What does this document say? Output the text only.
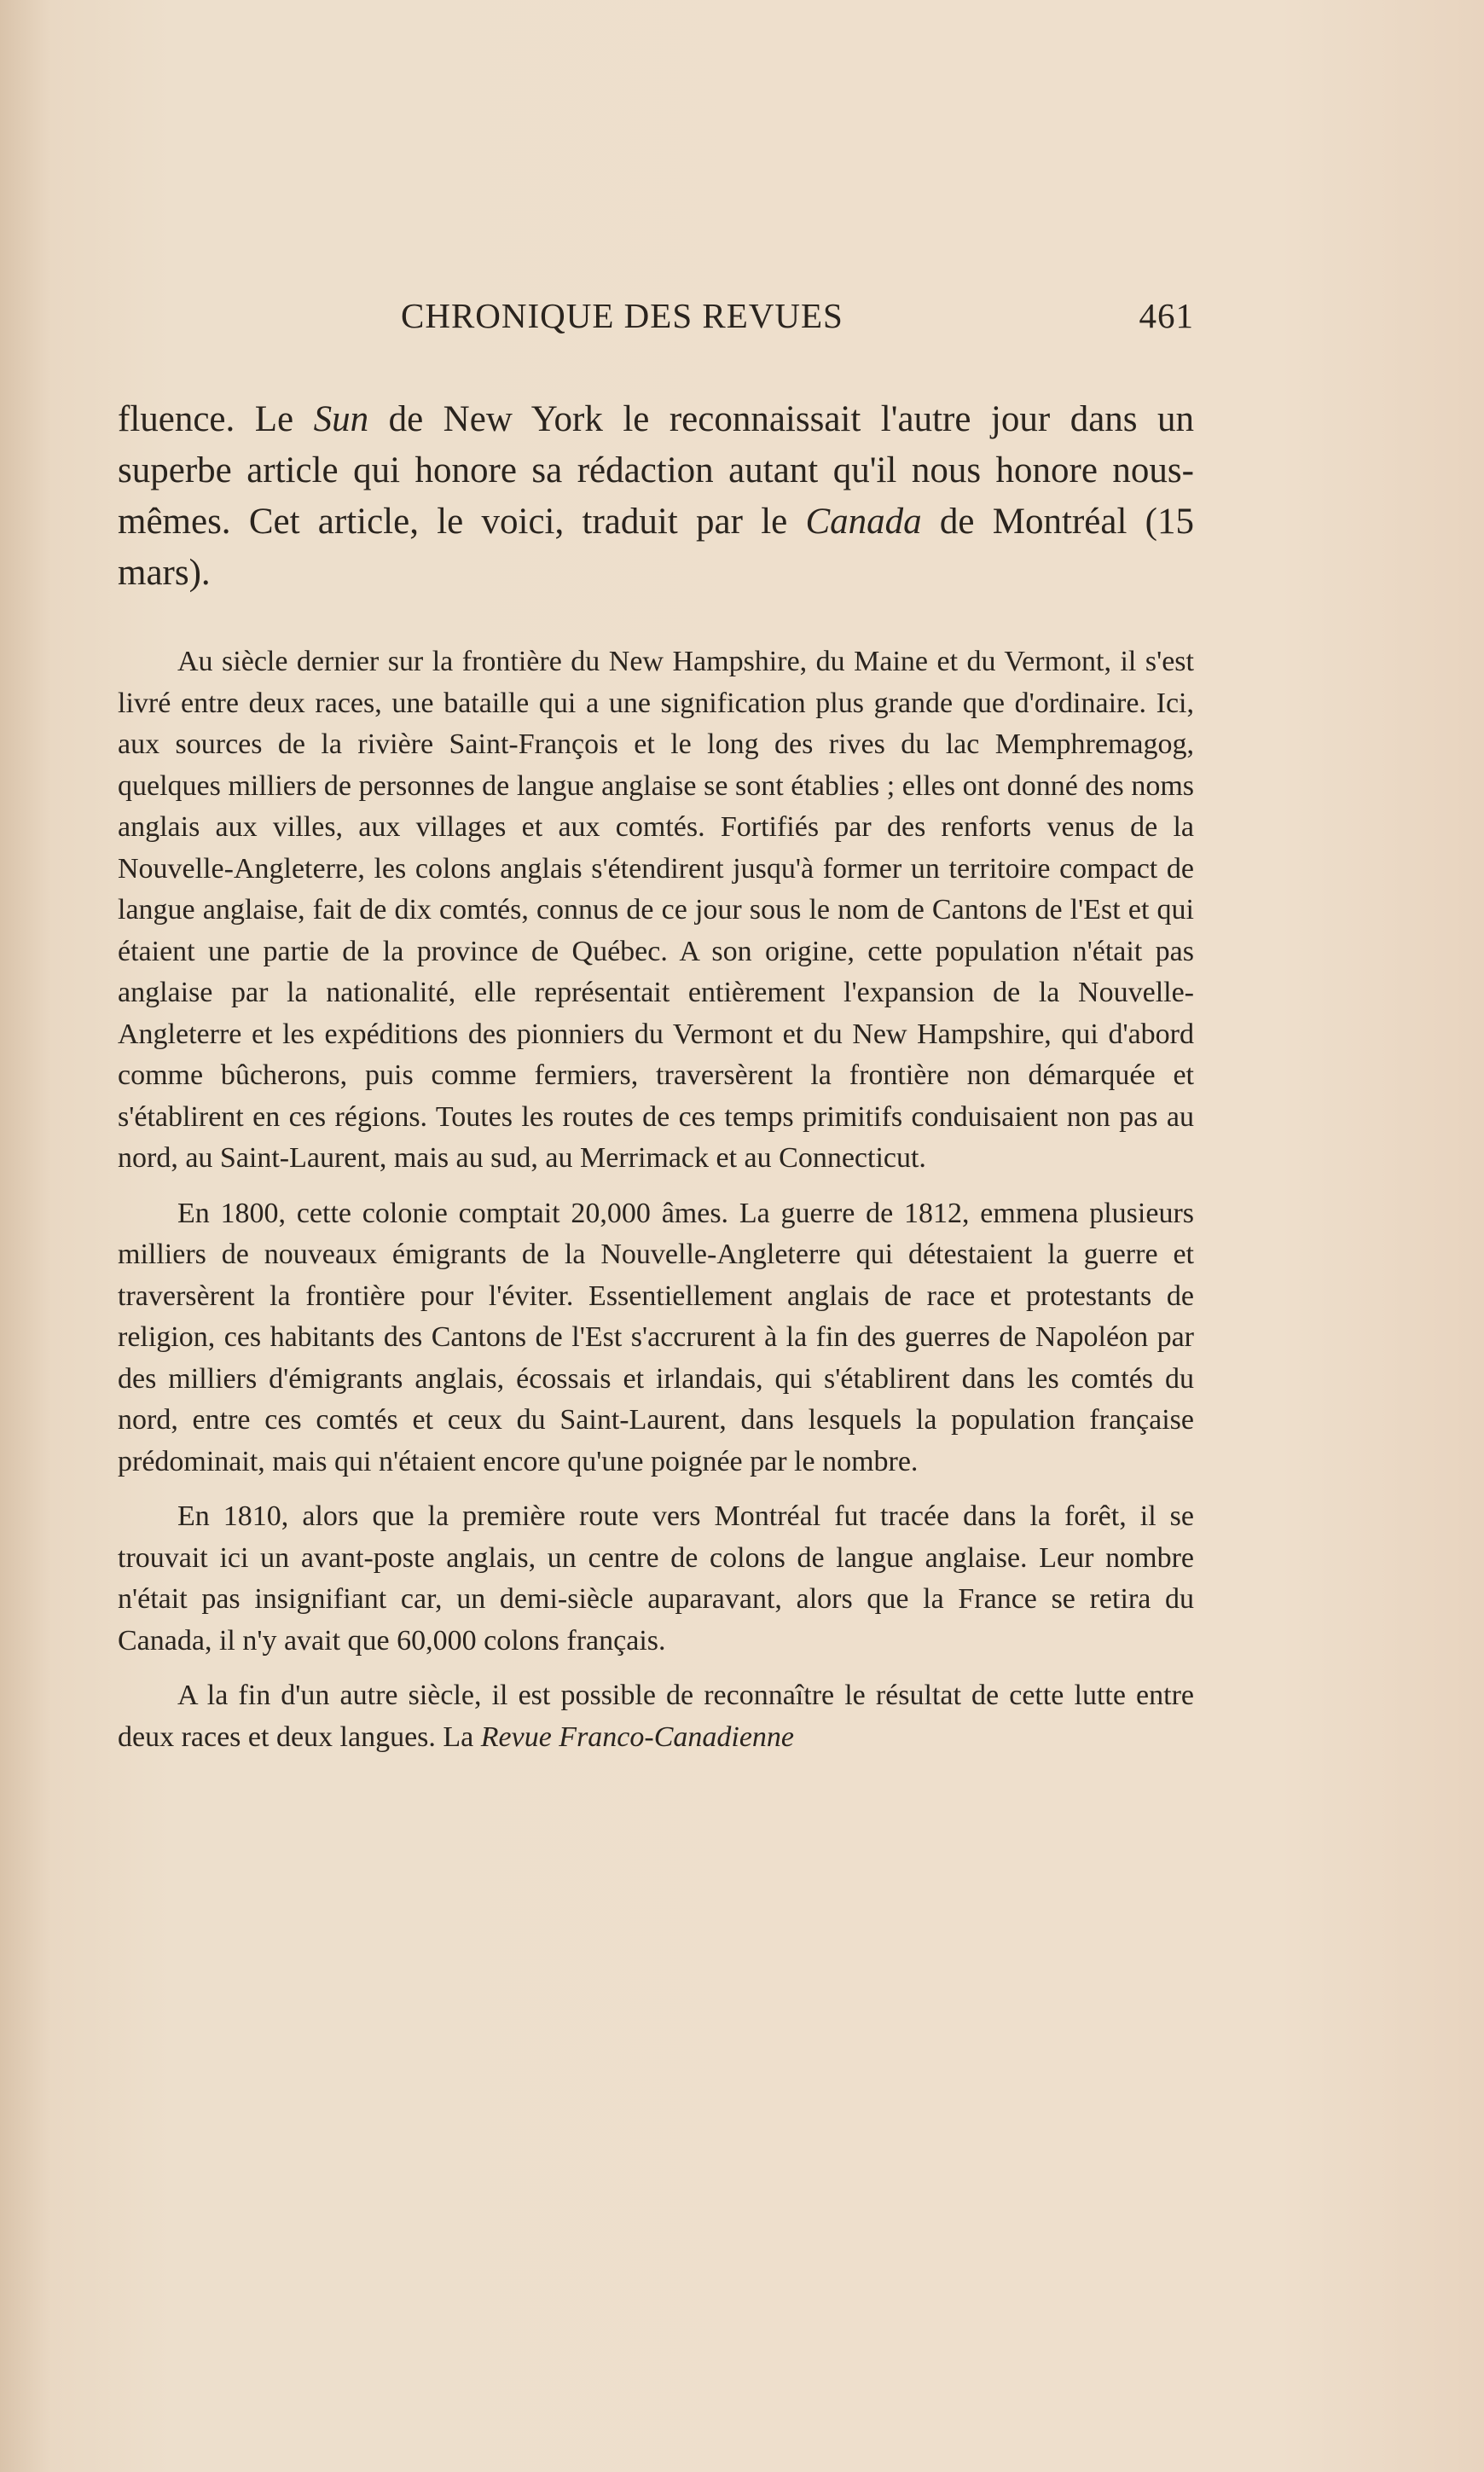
CHRONIQUE DES REVUES	461
fluence. Le Sun de New York le reconnaissait l'autre jour dans un superbe article qui honore sa rédaction autant qu'il nous honore nous-mêmes. Cet article, le voici, traduit par le Canada de Montréal (15 mars).

Au siècle dernier sur la frontière du New Hampshire, du Maine et du Vermont, il s'est livré entre deux races, une bataille qui a une signification plus grande que d'ordinaire. Ici, aux sources de la rivière Saint-François et le long des rives du lac Memphremagog, quelques milliers de personnes de langue anglaise se sont établies ; elles ont donné des noms anglais aux villes, aux villages et aux comtés. Fortifiés par des renforts venus de la Nouvelle-Angleterre, les colons anglais s'étendirent jusqu'à former un territoire compact de langue anglaise, fait de dix comtés, connus de ce jour sous le nom de Cantons de l'Est et qui étaient une partie de la province de Québec. A son origine, cette population n'était pas anglaise par la nationalité, elle représentait entièrement l'expansion de la Nouvelle-Angleterre et les expéditions des pionniers du Vermont et du New Hampshire, qui d'abord comme bûcherons, puis comme fermiers, traversèrent la frontière non démarquée et s'établirent en ces régions. Toutes les routes de ces temps primitifs conduisaient non pas au nord, au Saint-Laurent, mais au sud, au Merrimack et au Connecticut.

En 1800, cette colonie comptait 20,000 âmes. La guerre de 1812, emmena plusieurs milliers de nouveaux émigrants de la Nouvelle-Angleterre qui détestaient la guerre et traversèrent la frontière pour l'éviter. Essentiellement anglais de race et protestants de religion, ces habitants des Cantons de l'Est s'accrurent à la fin des guerres de Napoléon par des milliers d'émigrants anglais, écossais et irlandais, qui s'établirent dans les comtés du nord, entre ces comtés et ceux du Saint-Laurent, dans lesquels la population française prédominait, mais qui n'étaient encore qu'une poignée par le nombre.

En 1810, alors que la première route vers Montréal fut tracée dans la forêt, il se trouvait ici un avant-poste anglais, un centre de colons de langue anglaise. Leur nombre n'était pas insignifiant car, un demi-siècle auparavant, alors que la France se retira du Canada, il n'y avait que 60,000 colons français.

A la fin d'un autre siècle, il est possible de reconnaître le résultat de cette lutte entre deux races et deux langues. La Revue Franco-Canadienne
